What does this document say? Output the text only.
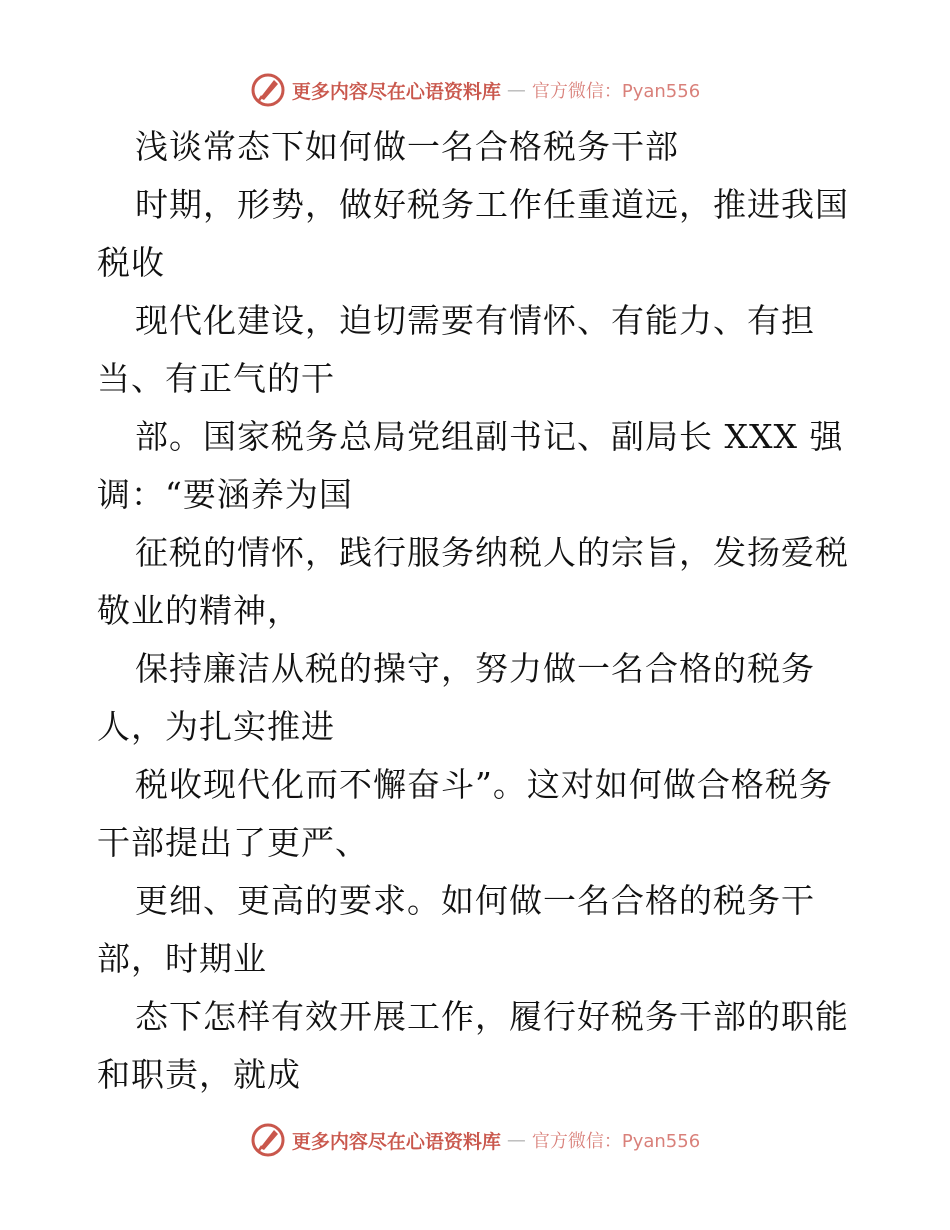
更多内容尽在心语资料库 — 官方微信：Pyan556
浅谈常态下如何做一名合格税务干部
时期，形势，做好税务工作任重道远，推进我国
税收
现代化建设，迫切需要有情怀、有能力、有担
当、有正气的干
部。国家税务总局党组副书记、副局长 XXX 强
调：“要涵养为国
征税的情怀，践行服务纳税人的宗旨，发扬爱税
敬业的精神，
保持廉洁从税的操守，努力做一名合格的税务
人，为扎实推进
税收现代化而不懈奋斗”。这对如何做合格税务
干部提出了更严、
更细、更高的要求。如何做一名合格的税务干
部，时期业
态下怎样有效开展工作，履行好税务干部的职能
和职责，就成
更多内容尽在心语资料库 — 官方微信：Pyan556
